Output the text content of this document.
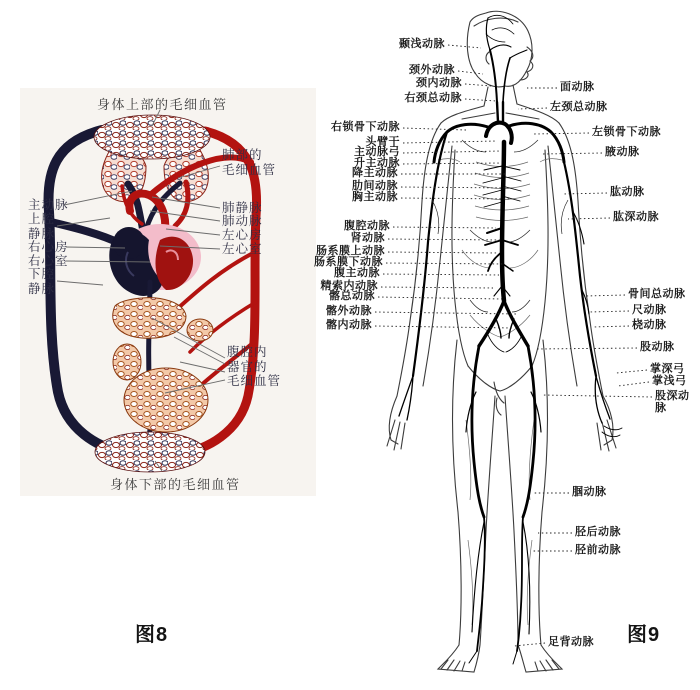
身体上部的毛细血管
身体下部的毛细血管
图8
主动脉
上腔
静脉
右心房
右心室
下腔
静脉
肺部的
毛细血管
肺静脉
肺动脉
左心房
左心室
腹腔内
器官的
毛细血管
图9
颞浅动脉
颈外动脉
颈内动脉
右颈总动脉
右锁骨下动脉
头臂干
主动脉弓
升主动脉
降主动脉
肋间动脉
胸主动脉
腹腔动脉
肾动脉
肠系膜上动脉
肠系膜下动脉
腹主动脉
精索内动脉
髂总动脉
髂外动脉
髂内动脉
面动脉
左颈总动脉
左锁骨下动脉
腋动脉
肱动脉
肱深动脉
骨间总动脉
尺动脉
桡动脉
股动脉
掌深弓
掌浅弓
股深动脉
腘动脉
胫后动脉
胫前动脉
足背动脉
